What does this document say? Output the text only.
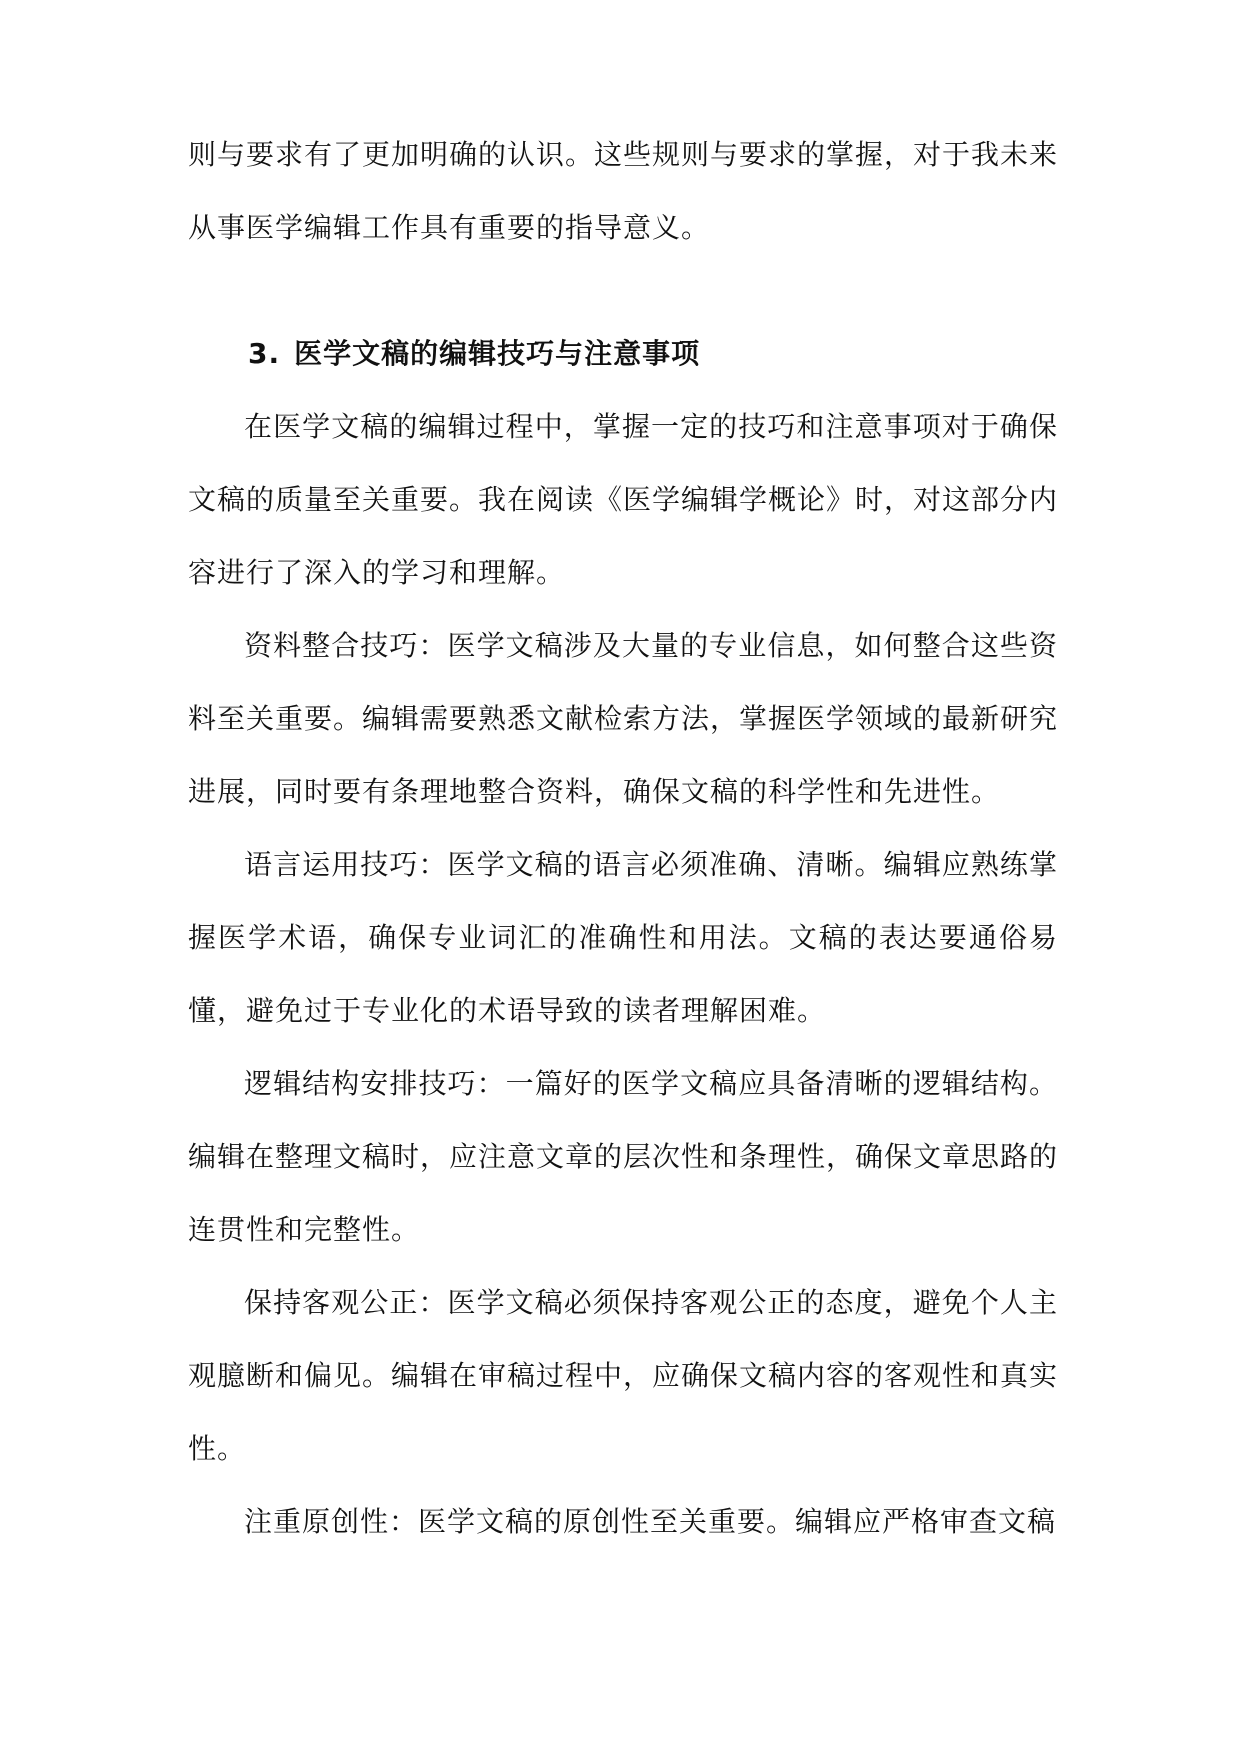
则与要求有了更加明确的认识。这些规则与要求的掌握，对于我未来从事医学编辑工作具有重要的指导意义。

3. 医学文稿的编辑技巧与注意事项

在医学文稿的编辑过程中，掌握一定的技巧和注意事项对于确保文稿的质量至关重要。我在阅读《医学编辑学概论》时，对这部分内容进行了深入的学习和理解。

资料整合技巧：医学文稿涉及大量的专业信息，如何整合这些资料至关重要。编辑需要熟悉文献检索方法，掌握医学领域的最新研究进展，同时要有条理地整合资料，确保文稿的科学性和先进性。

语言运用技巧：医学文稿的语言必须准确、清晰。编辑应熟练掌握医学术语，确保专业词汇的准确性和用法。文稿的表达要通俗易懂，避免过于专业化的术语导致的读者理解困难。

逻辑结构安排技巧：一篇好的医学文稿应具备清晰的逻辑结构。编辑在整理文稿时，应注意文章的层次性和条理性，确保文章思路的连贯性和完整性。

保持客观公正：医学文稿必须保持客观公正的态度，避免个人主观臆断和偏见。编辑在审稿过程中，应确保文稿内容的客观性和真实性。

注重原创性：医学文稿的原创性至关重要。编辑应严格审查文稿
